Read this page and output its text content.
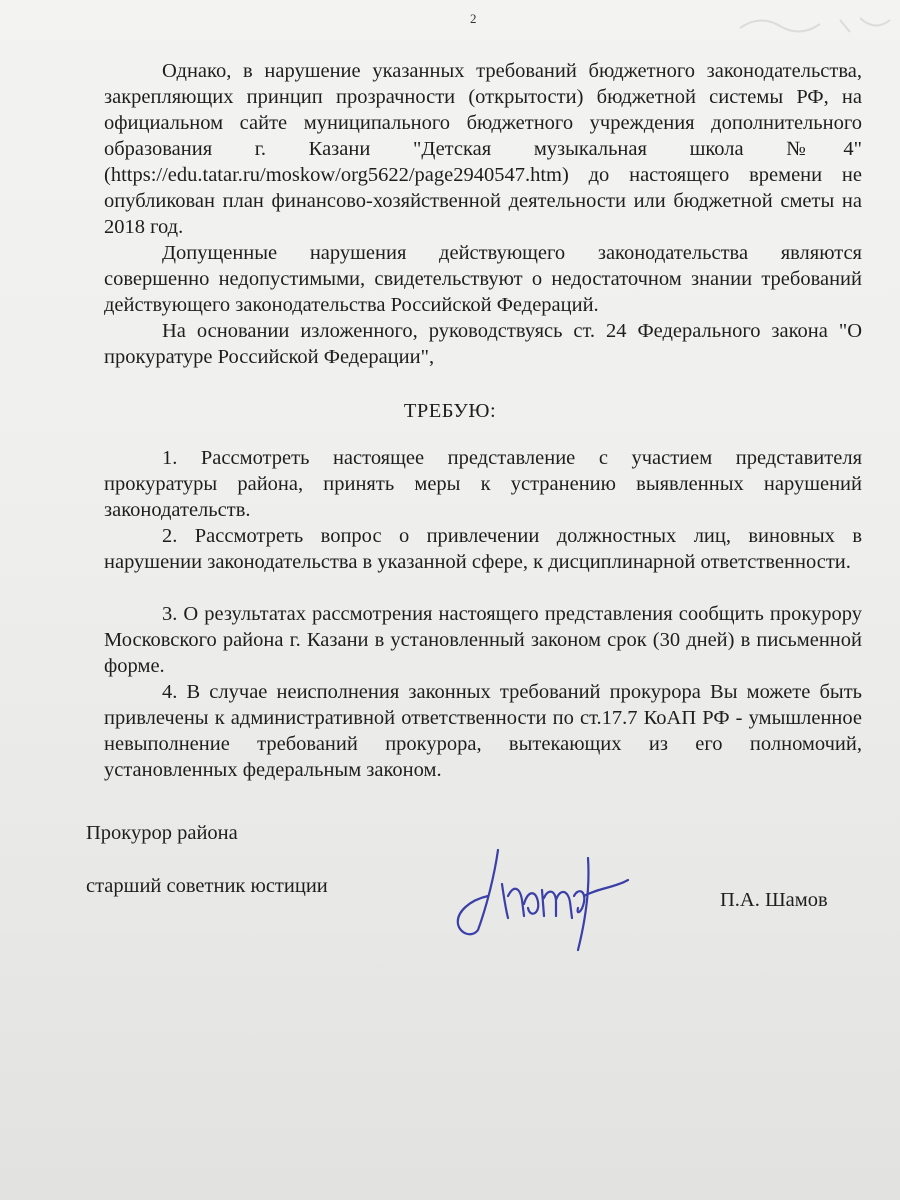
2

Однако, в нарушение указанных требований бюджетного законодательства, закрепляющих принцип прозрачности (открытости) бюджетной системы РФ, на официальном сайте муниципального бюджетного учреждения дополнительного образования г. Казани "Детская музыкальная школа №4" (https://edu.tatar.ru/moskow/org5622/page2940547.htm) до настоящего времени не опубликован план финансово-хозяйственной деятельности или бюджетной сметы на 2018 год.

Допущенные нарушения действующего законодательства являются совершенно недопустимыми, свидетельствуют о недостаточном знании требований действующего законодательства Российской Федераций.

На основании изложенного, руководствуясь ст. 24 Федерального закона "О прокуратуре Российской Федерации",

ТРЕБУЮ:

1. Рассмотреть настоящее представление с участием представителя прокуратуры района, принять меры к устранению выявленных нарушений законодательств.

2. Рассмотреть вопрос о привлечении должностных лиц, виновных в нарушении законодательства в указанной сфере, к дисциплинарной ответственности.

3. О результатах рассмотрения настоящего представления сообщить прокурору Московского района г. Казани в установленный законом срок (30 дней) в письменной форме.

4. В случае неисполнения законных требований прокурора Вы можете быть привлечены к административной ответственности по ст.17.7 КоАП РФ - умышленное невыполнение требований прокурора, вытекающих из его полномочий, установленных федеральным законом.

Прокурор района

старший советник юстиции

П.А. Шамов
